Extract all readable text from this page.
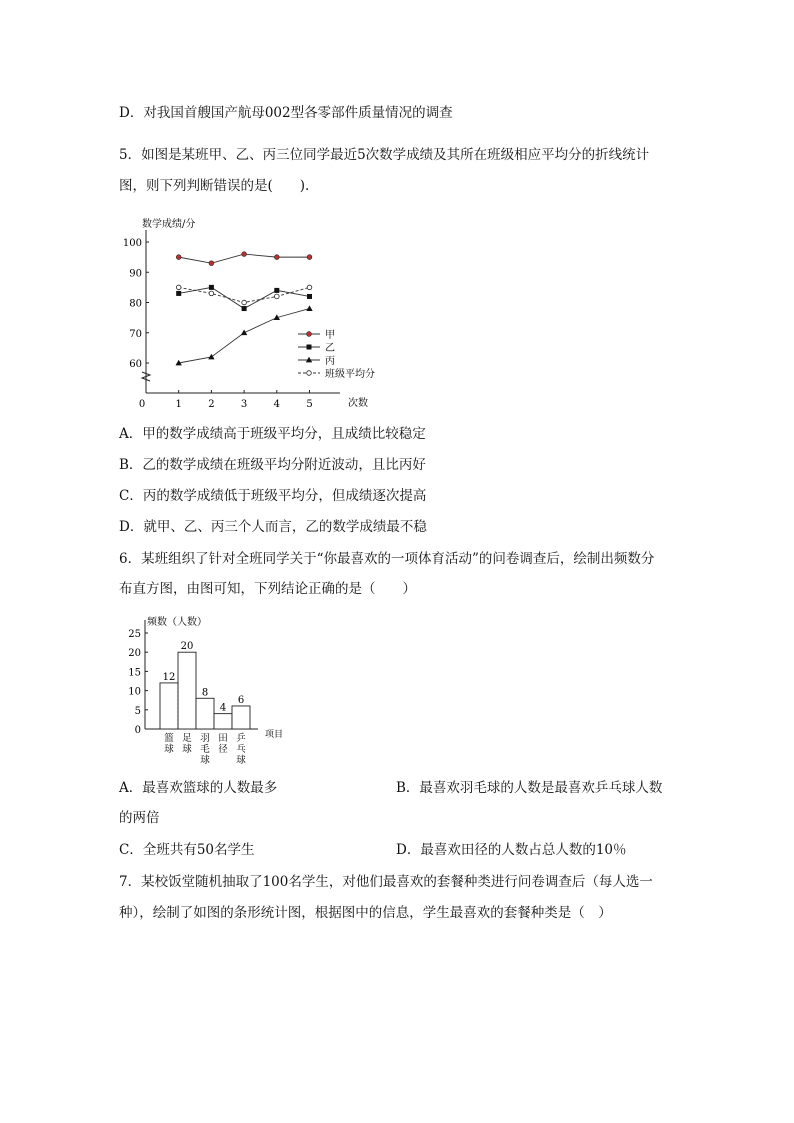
D．对我国首艘国产航母002型各零部件质量情况的调查
5．如图是某班甲、乙、丙三位同学最近5次数学成绩及其所在班级相应平均分的折线统计
图，则下列判断错误的是(　　).
数学成绩/分
次数
60
70
80
90
100
0	1	2	3	4	5
甲
乙
丙
班级平均分
A．甲的数学成绩高于班级平均分，且成绩比较稳定
B．乙的数学成绩在班级平均分附近波动，且比丙好
C．丙的数学成绩低于班级平均分，但成绩逐次提高
D．就甲、乙、丙三个人而言，乙的数学成绩最不稳
6．某班组织了针对全班同学关于“你最喜欢的一项体育活动”的问卷调查后，绘制出频数分
布直方图，由图可知，下列结论正确的是（　　）
频数（人数）
项目
0
5
10
15
20
25
12
篮
球
20
足
球
8
羽
毛
球
4
田
径
6
乒
乓
球
A．最喜欢篮球的人数最多	B．最喜欢羽毛球的人数是最喜欢乒乓球人数
的两倍
C．全班共有50名学生	D．最喜欢田径的人数占总人数的10％
7．某校饭堂随机抽取了100名学生，对他们最喜欢的套餐种类进行问卷调查后（每人选一
种），绘制了如图的条形统计图，根据图中的信息，学生最喜欢的套餐种类是（　）
